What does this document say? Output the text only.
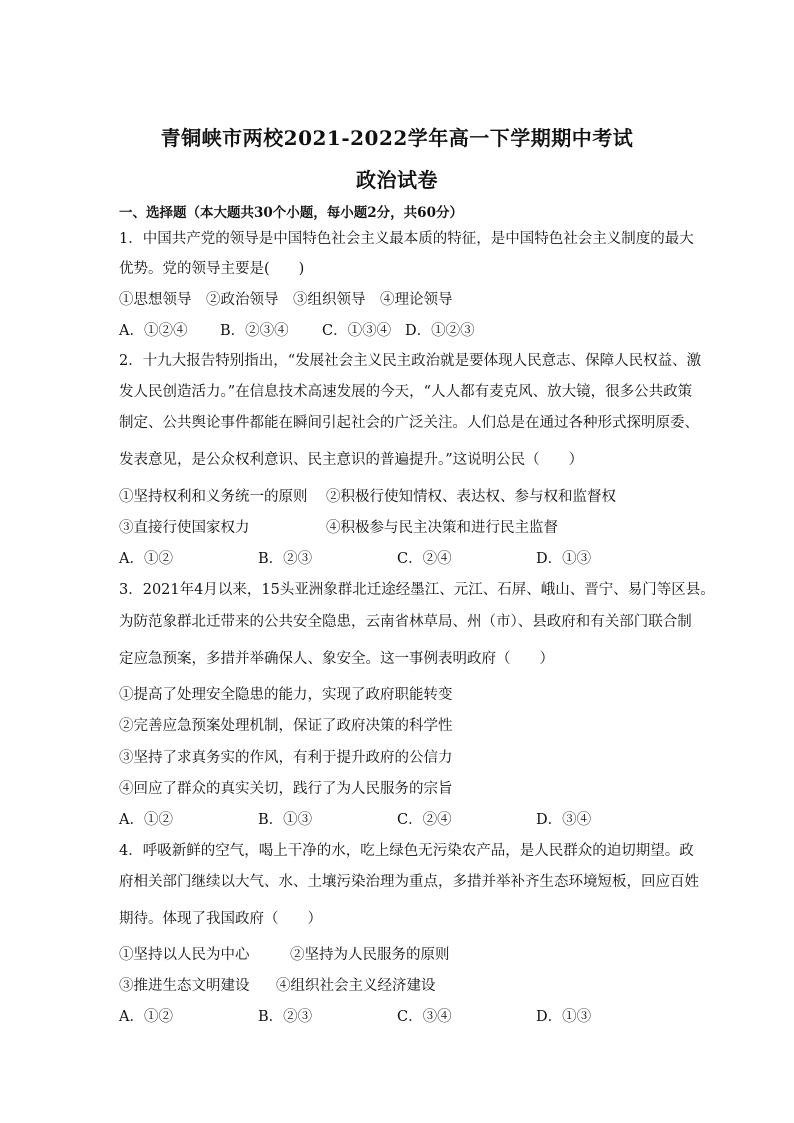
青铜峡市两校2021-2022学年高一下学期期中考试
政治试卷
一、选择题（本大题共30个小题，每小题2分，共60分）
1．中国共产党的领导是中国特色社会主义最本质的特征，是中国特色社会主义制度的最大
优势。党的领导主要是(　　)
①思想领导　②政治领导　③组织领导　④理论领导
A．①②④ B．②③④ C．①③④ D．①②③
2．十九大报告特别指出，“发展社会主义民主政治就是要体现人民意志、保障人民权益、激
发人民创造活力。”在信息技术高速发展的今天，“人人都有麦克风、放大镜，很多公共政策
制定、公共舆论事件都能在瞬间引起社会的广泛关注。人们总是在通过各种形式探明原委、
发表意见，是公众权利意识、民主意识的普遍提升。”这说明公民（　　）
①坚持权利和义务统一的原则 ②积极行使知情权、表达权、参与权和监督权
③直接行使国家权力	④积极参与民主决策和进行民主监督
A．①②	B．②③	C．②④	D．①③
3．2021年4月以来，15头亚洲象群北迁途经墨江、元江、石屏、峨山、晋宁、易门等区县。
为防范象群北迁带来的公共安全隐患，云南省林草局、州（市）、县政府和有关部门联合制
定应急预案，多措并举确保人、象安全。这一事例表明政府（　　）
①提高了处理安全隐患的能力，实现了政府职能转变
②完善应急预案处理机制，保证了政府决策的科学性
③坚持了求真务实的作风，有利于提升政府的公信力
④回应了群众的真实关切，践行了为人民服务的宗旨
A．①②	B．①③	C．②④	D．③④
4．呼吸新鲜的空气，喝上干净的水，吃上绿色无污染农产品，是人民群众的迫切期望。政
府相关部门继续以大气、水、土壤污染治理为重点，多措并举补齐生态环境短板，回应百姓
期待。体现了我国政府（　　）
①坚持以人民为中心	②坚持为人民服务的原则
③推进生态文明建设 ④组织社会主义经济建设
A．①②	B．②③	C．③④	D．①③
